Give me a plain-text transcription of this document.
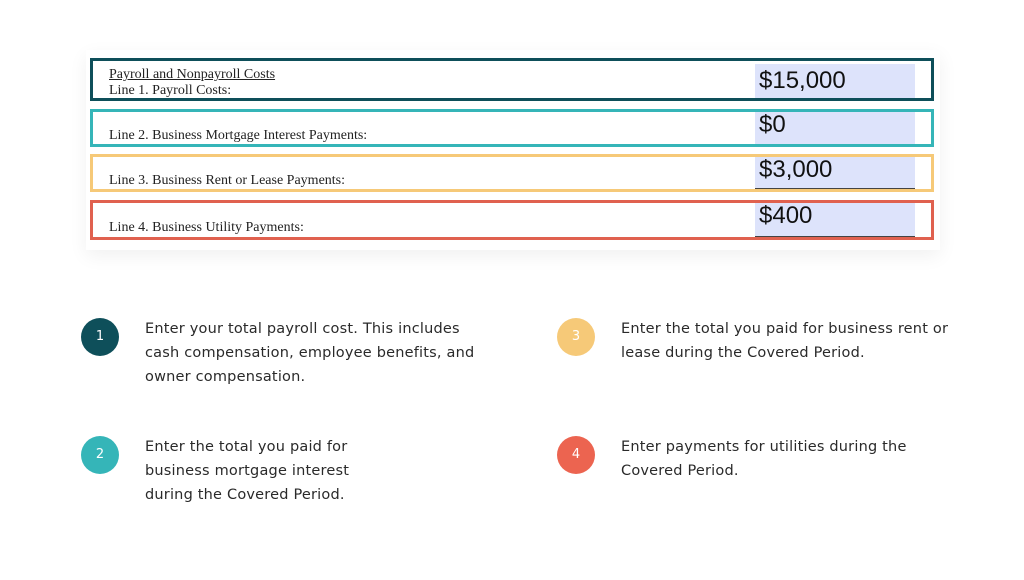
Payroll and Nonpayroll Costs
Line 1. Payroll Costs:	$15,000
Line 2. Business Mortgage Interest Payments:	$0
Line 3. Business Rent or Lease Payments:	$3,000
Line 4. Business Utility Payments:	$400
1	Enter your total payroll cost. This includes cash compensation, employee benefits, and owner compensation.
2	Enter the total you paid for business mortgage interest during the Covered Period.
3	Enter the total you paid for business rent or lease during the Covered Period.
4	Enter payments for utilities during the Covered Period.
